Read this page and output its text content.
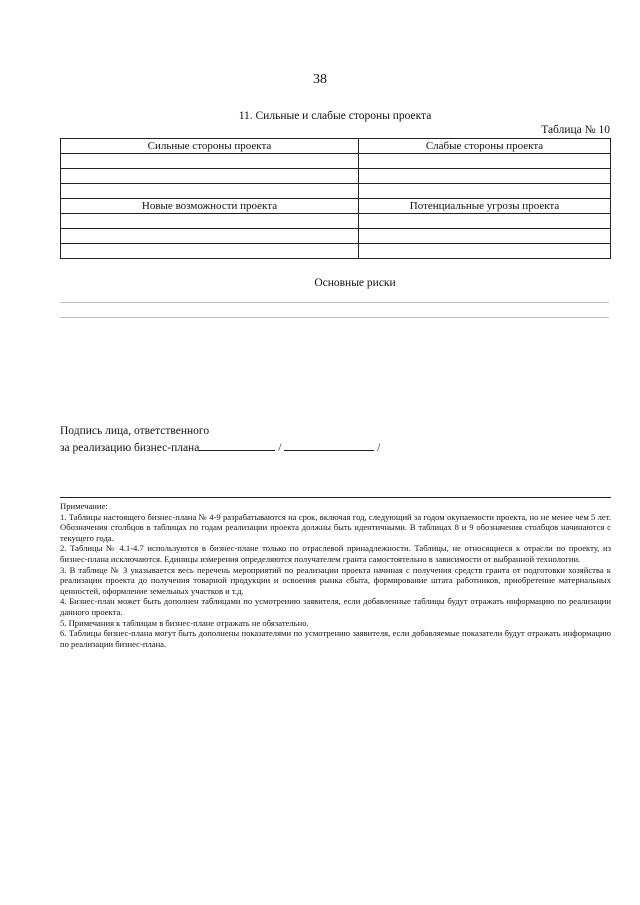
38
11. Сильные и слабые стороны проекта
Таблица № 10
Сильные стороны проекта	Слабые стороны проекта

Новые возможности проекта	Потенциальные угрозы проекта

Основные риски
Подпись лица, ответственного
за реализацию бизнес-плана	/	/

Примечание:

1. Таблицы настоящего бизнес-плана № 4-9 разрабатываются на срок, включая год, следующий за годом окупаемости проекта, но не менее чем 5 лет. Обозначения столбцов в таблицах по годам реализации проекта должны быть идентичными. В таблицах 8 и 9 обозначения столбцов начинаются с текущего года.

2. Таблицы № 4.1-4.7 используются в бизнес-плане только по отраслевой принадлежности. Таблицы, не относящиеся к отрасли по проекту, из бизнес-плана исключаются. Единицы измерения определяются получателем гранта самостоятельно в зависимости от выбранной технологии.

3. В таблице № 3 указывается весь перечень мероприятий по реализации проекта начиная с получения средств гранта от подготовки хозяйства к реализации проекта до получения товарной продукции и освоения рынка сбыта, формирование штата работников, приобретение материальных ценностей, оформление земельных участков и т.д.

4. Бизнес-план может быть дополнен таблицами по усмотрению заявителя, если добавленные таблицы будут отражать информацию по реализации данного проекта.

5. Примечания к таблицам в бизнес-плане отражать не обязательно.

6. Таблицы бизнес-плана могут быть дополнены показателями по усмотрению заявителя, если добавляемые показатели будут отражать информацию по реализации бизнес-плана.
